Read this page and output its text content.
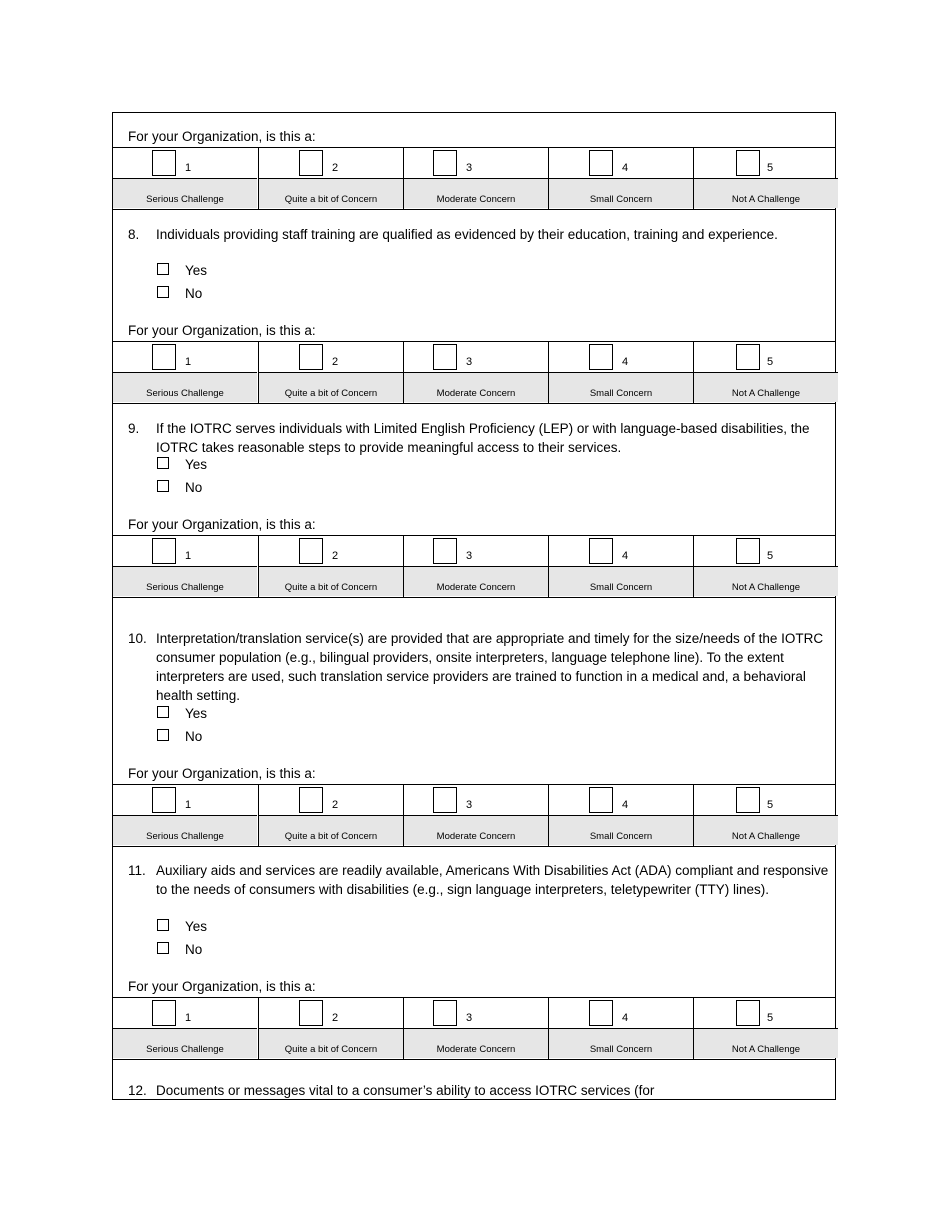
For your Organization, is this a:
1
Serious Challenge
2
Quite a bit of Concern
3
Moderate Concern
4
Small Concern
5
Not A Challenge
8. Individuals providing staff training are qualified as evidenced by their education, training and experience.
Yes
No
For your Organization, is this a:
1
Serious Challenge
2
Quite a bit of Concern
3
Moderate Concern
4
Small Concern
5
Not A Challenge
9. If the IOTRC serves individuals with Limited English Proficiency (LEP) or with language-based disabilities, the IOTRC takes reasonable steps to provide meaningful access to their services.
Yes
No
For your Organization, is this a:
1
Serious Challenge
2
Quite a bit of Concern
3
Moderate Concern
4
Small Concern
5
Not A Challenge
10. Interpretation/translation service(s) are provided that are appropriate and timely for the size/needs of the IOTRC consumer population (e.g., bilingual providers, onsite interpreters, language telephone line). To the extent interpreters are used, such translation service providers are trained to function in a medical and, a behavioral health setting.
Yes
No
For your Organization, is this a:
1
Serious Challenge
2
Quite a bit of Concern
3
Moderate Concern
4
Small Concern
5
Not A Challenge
11. Auxiliary aids and services are readily available, Americans With Disabilities Act (ADA) compliant and responsive to the needs of consumers with disabilities (e.g., sign language interpreters, teletypewriter (TTY) lines).
Yes
No
For your Organization, is this a:
1
Serious Challenge
2
Quite a bit of Concern
3
Moderate Concern
4
Small Concern
5
Not A Challenge
12. Documents or messages vital to a consumer’s ability to access IOTRC services (for
